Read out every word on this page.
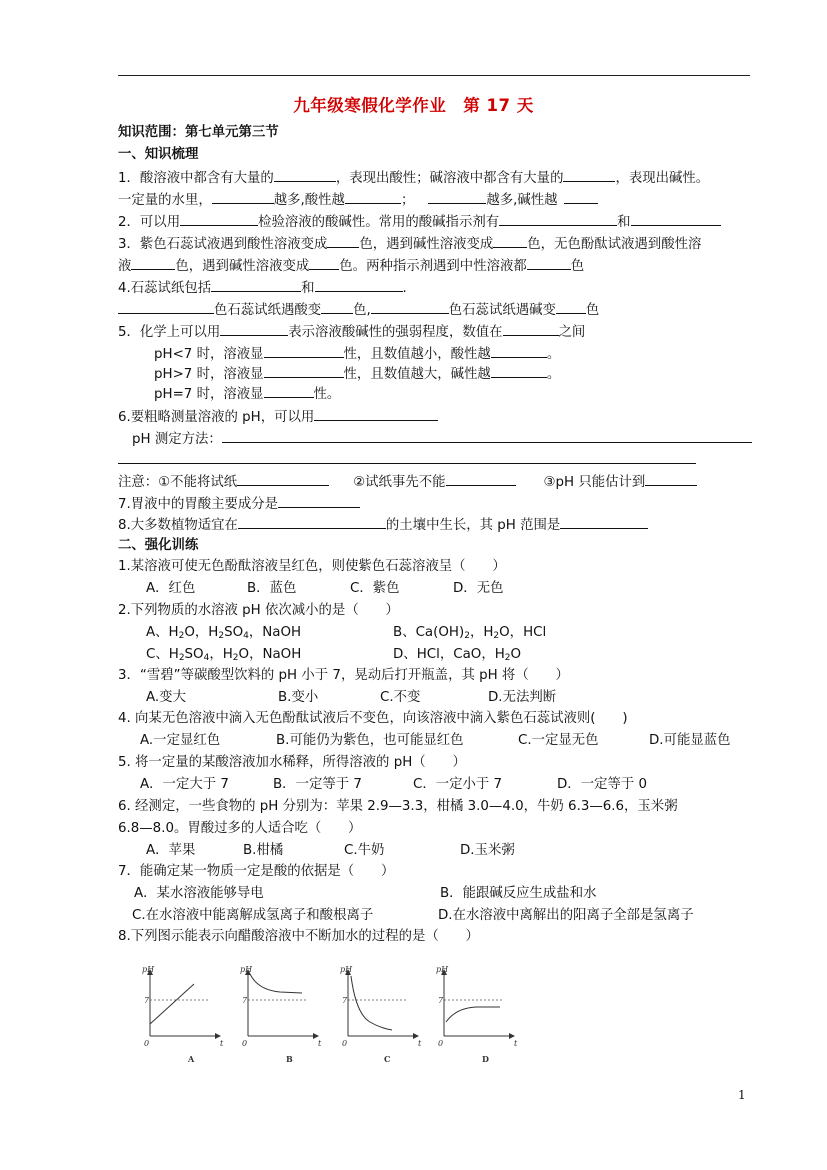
九年级寒假化学作业　第 17 天
知识范围：第七单元第三节
一、知识梳理
1．酸溶液中都含有大量的	，表现出酸性；碱溶液中都含有大量的	，表现出碱性。
一定量的水里，	越多,酸性越	；	越多,碱性越
2．可以用	检验溶液的酸碱性。常用的酸碱指示剂有	和
3．紫色石蕊试液遇到酸性溶液变成 色，遇到碱性溶液变成	色，无色酚酞试液遇到酸性溶
液	色，遇到碱性溶液变成 色。两种指示剂遇到中性溶液都	色
4.石蕊试纸包括	和	.
色石蕊试纸遇酸变 色,	色石蕊试纸遇碱变 色
5．化学上可以用	表示溶液酸碱性的强弱程度，数值在	之间
pH<7 时，溶液显	性，且数值越小，酸性越	。
pH>7 时，溶液显	性，且数值越大，碱性越	。
pH=7 时，溶液显	性。
6.要粗略测量溶液的 pH，可以用
pH 测定方法：
注意：①不能将试纸	②试纸事先不能	③pH 只能估计到
7.胃液中的胃酸主要成分是
8.大多数植物适宜在	的土壤中生长，其 pH 范围是
二、强化训练
1.某溶液可使无色酚酞溶液呈红色，则使紫色石蕊溶液呈（　　）
A．红色	B．蓝色	C．紫色	D．无色
2.下列物质的水溶液 pH 依次减小的是（　　）
A、$H_2O$，$H_2SO_4$，NaOH	B、$Ca(OH)_2$，$H_2O$，HCl
C、$H_2SO_4$，$H_2O$，NaOH	D、HCl，CaO，$H_2O$
3．“雪碧”等碳酸型饮料的 pH 小于 7，晃动后打开瓶盖，其 pH 将（　　）
A.变大	B.变小	C.不变	D.无法判断
4. 向某无色溶液中滴入无色酚酞试液后不变色，向该溶液中滴入紫色石蕊试液则(　　)
A.一定显红色	B.可能仍为紫色，也可能显红色	C.一定显无色	D.可能显蓝色
5. 将一定量的某酸溶液加水稀释，所得溶液的 pH（　　）
A．一定大于 7	B．一定等于 7	C．一定小于 7	D．一定等于 0
6. 经测定，一些食物的 pH 分别为：苹果 2.9—3.3，柑橘 3.0—4.0，牛奶 6.3—6.6，玉米粥
6.8—8.0。胃酸过多的人适合吃（　　）
A．苹果	B.柑橘	C.牛奶	D.玉米粥
7．能确定某一物质一定是酸的依据是（　　）
A．某水溶液能够导电	B．能跟碱反应生成盐和水
C.在水溶液中能离解成氢离子和酸根离子	D.在水溶液中离解出的阳离子全部是氢离子
8.下列图示能表示向醋酸溶液中不断加水的过程的是（　　）
pH
7
0	t
A
pH
7
0	t
B
pH
7
0	t
C
pH
7
0	t
D
1
